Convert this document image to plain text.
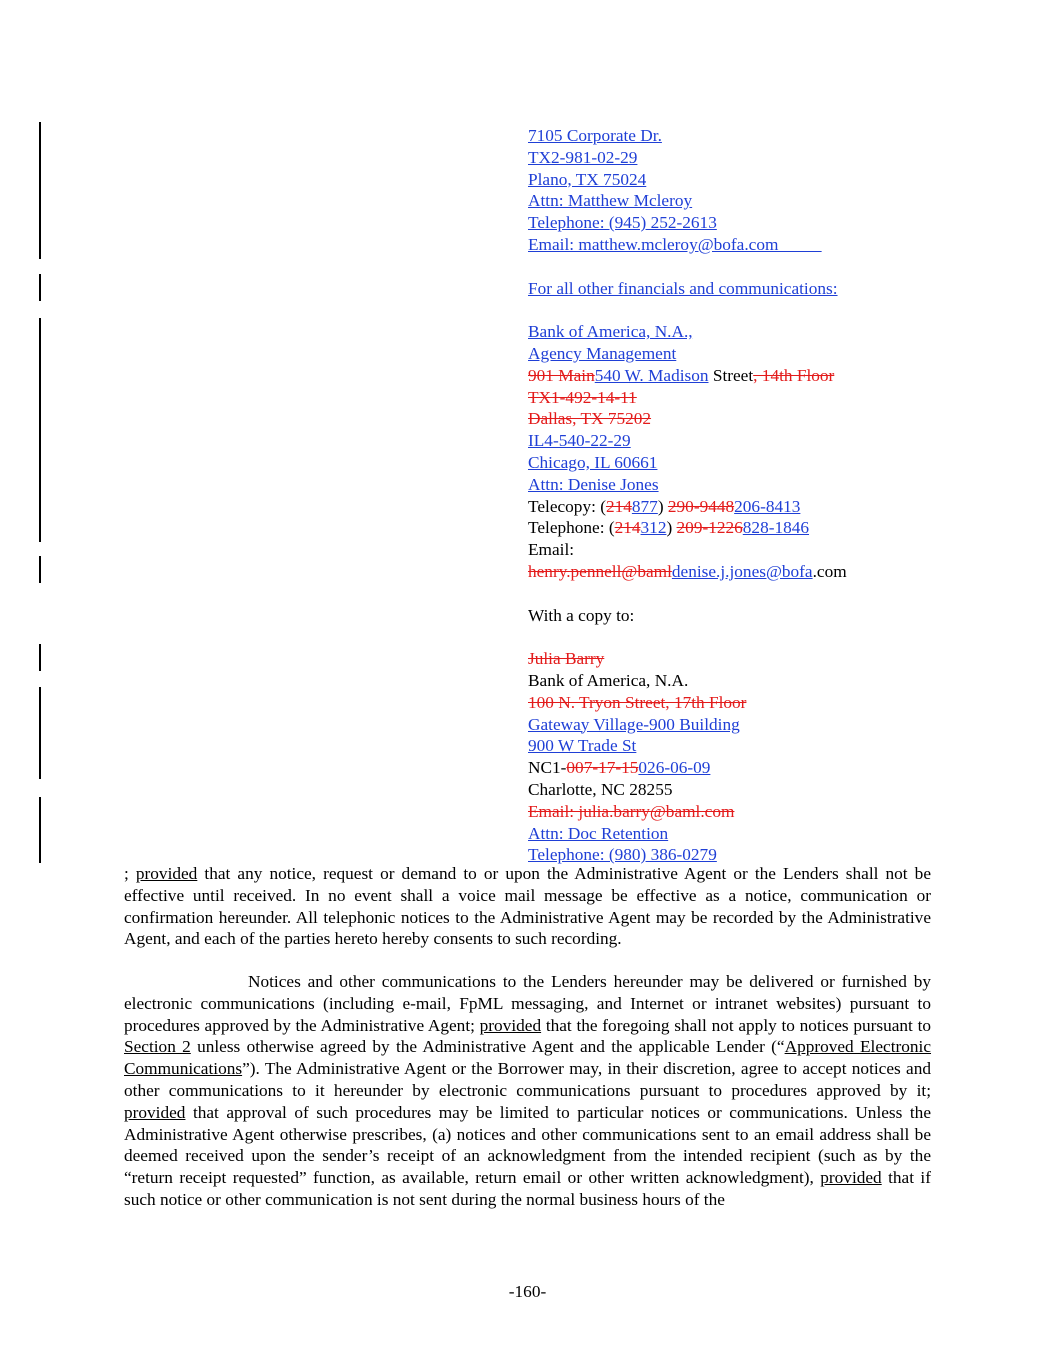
7105 Corporate Dr.
TX2-981-02-29
Plano, TX 75024
Attn: Matthew Mcleroy
Telephone: (945) 252-2613
Email: matthew.mcleroy@bofa.com
For all other financials and communications:
Bank of America, N.A.,
Agency Management
901 Main540 W. Madison Street, 14th Floor
TX1-492-14-11
Dallas, TX 75202
IL4-540-22-29
Chicago, IL 60661
Attn: Denise Jones
Telecopy: (214877) 290-9448206-8413
Telephone: (214312) 209-1226828-1846
Email:
henry.pennell@bamldenise.j.jones@bofa.com
With a copy to:
Julia Barry
Bank of America, N.A.
100 N. Tryon Street, 17th Floor
Gateway Village-900 Building
900 W Trade St
NC1-007-17-15026-06-09
Charlotte, NC 28255
Email: julia.barry@baml.com
Attn: Doc Retention
Telephone: (980) 386-0279
; provided that any notice, request or demand to or upon the Administrative Agent or the Lenders shall not be effective until received. In no event shall a voice mail message be effective as a notice, communication or confirmation hereunder. All telephonic notices to the Administrative Agent may be recorded by the Administrative Agent, and each of the parties hereto hereby consents to such recording.
Notices and other communications to the Lenders hereunder may be delivered or furnished by electronic communications (including e-mail, FpML messaging, and Internet or intranet websites) pursuant to procedures approved by the Administrative Agent; provided that the foregoing shall not apply to notices pursuant to Section 2 unless otherwise agreed by the Administrative Agent and the applicable Lender (“Approved Electronic Communications”). The Administrative Agent or the Borrower may, in their discretion, agree to accept notices and other communications to it hereunder by electronic communications pursuant to procedures approved by it; provided that approval of such procedures may be limited to particular notices or communications. Unless the Administrative Agent otherwise prescribes, (a) notices and other communications sent to an email address shall be deemed received upon the sender’s receipt of an acknowledgment from the intended recipient (such as by the “return receipt requested” function, as available, return email or other written acknowledgment), provided that if such notice or other communication is not sent during the normal business hours of the
-160-
